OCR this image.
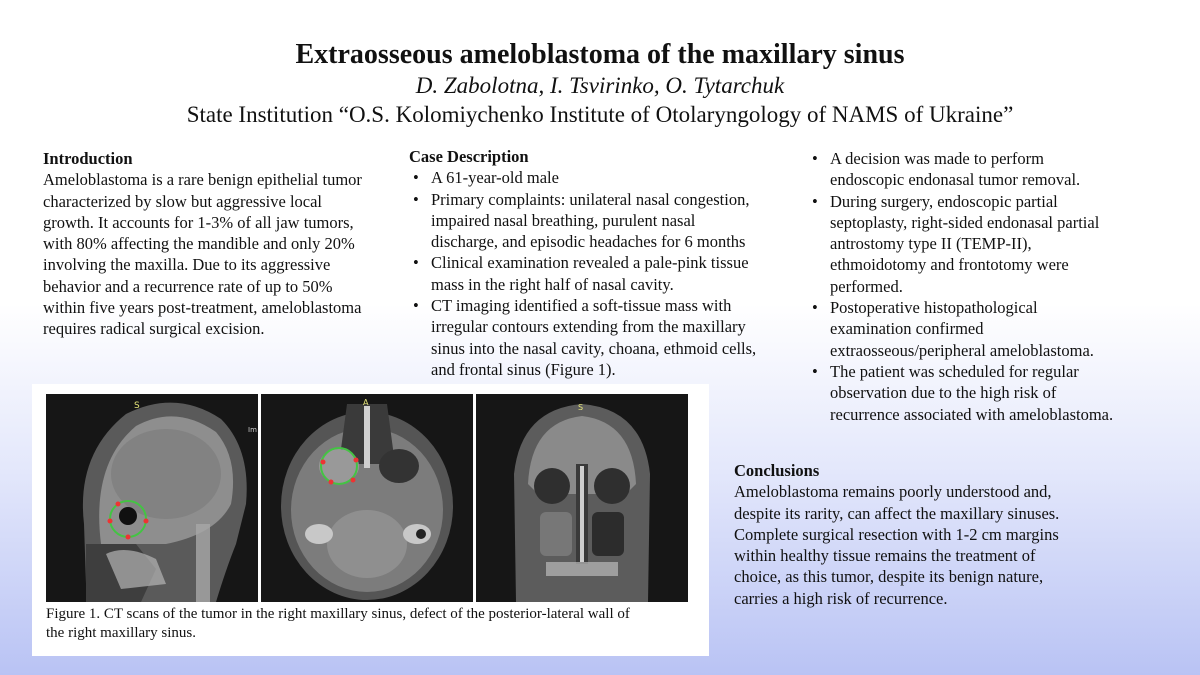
Extraosseous ameloblastoma of the maxillary sinus
D. Zabolotna, I. Tsvirinko, O. Tytarchuk
State Institution “O.S. Kolomiychenko Institute of Otolaryngology of NAMS of Ukraine”
Introduction

Ameloblastoma is a rare benign epithelial tumor
characterized by slow but aggressive local
growth. It accounts for 1-3% of all jaw tumors,
with 80% affecting the mandible and only 20%
involving the maxilla. Due to its aggressive
behavior and a recurrence rate of up to 50%
within five years post-treatment, ameloblastoma
requires radical surgical excision.

Case Description
• A 61-year-old male
• Primary complaints: unilateral nasal congestion,
impaired nasal breathing, purulent nasal
discharge, and episodic headaches for 6 months
• Clinical examination revealed a pale-pink tissue
mass in the right half of nasal cavity.
• CT imaging identified a soft-tissue mass with
irregular contours extending from the maxillary
sinus into the nasal cavity, choana, ethmoid cells,
and frontal sinus (Figure 1).
• A decision was made to perform
endoscopic endonasal tumor removal.
• During surgery, endoscopic partial
septoplasty, right-sided endonasal partial
antrostomy type II (TEMP-II),
ethmoidotomy and frontotomy were
performed.
• Postoperative histopathological
examination confirmed
extraosseous/peripheral ameloblastoma.
• The patient was scheduled for regular
observation due to the high risk of
recurrence associated with ameloblastoma.
Conclusions

Ameloblastoma remains poorly understood and,
despite its rarity, can affect the maxillary sinuses.
Complete surgical resection with 1-2 cm margins
within healthy tissue remains the treatment of
choice, as this tumor, despite its benign nature,
carries a high risk of recurrence.

S
Im
A
S
Figure 1. CT scans of the tumor in the right maxillary sinus, defect of the posterior-lateral wall of
the right maxillary sinus.
